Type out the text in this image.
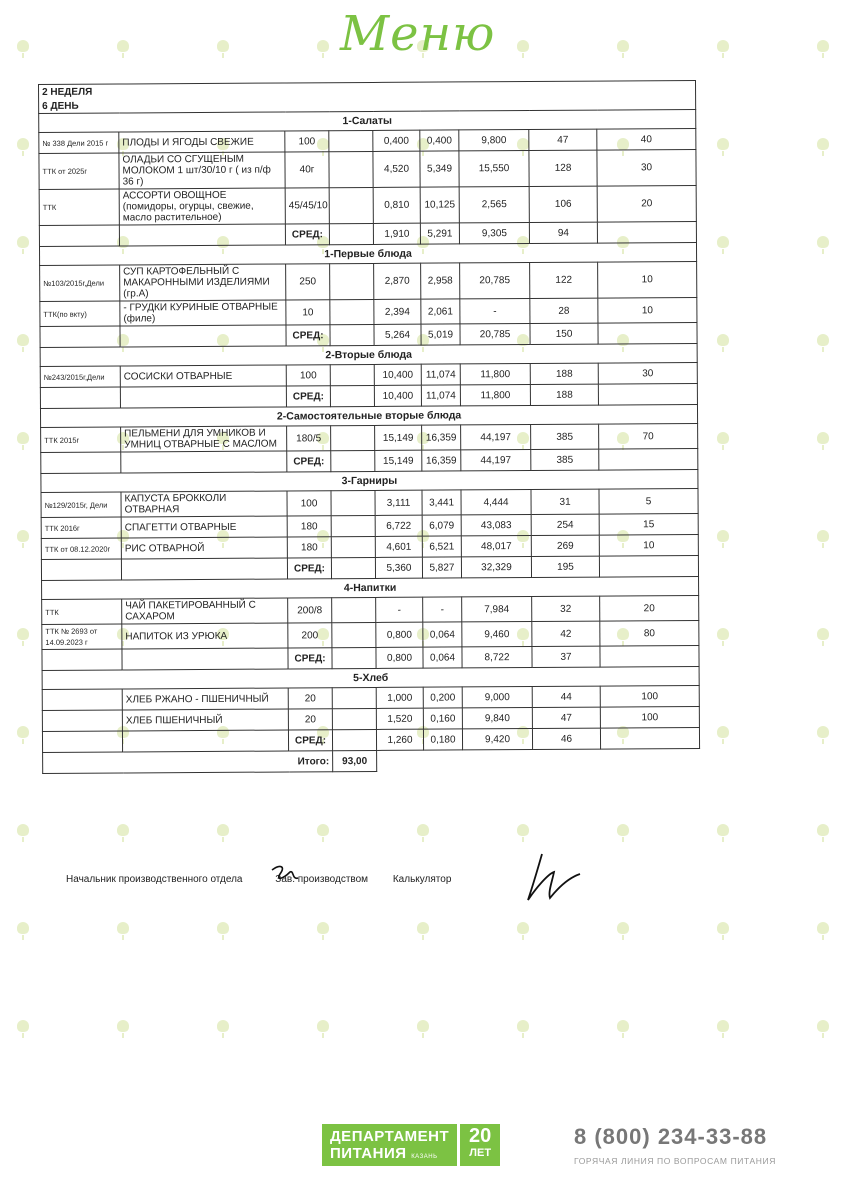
Меню
2 НЕДЕЛЯ								
6 ДЕНЬ								
1-Салаты								
№ 338 Дели 2015 г	ПЛОДЫ И ЯГОДЫ СВЕЖИЕ	100		0,400	0,400	9,800	47	40
ТТК от 2025г	ОЛАДЬИ СО СГУЩЕНЫМ МОЛОКОМ 1 шт/30/10 г ( из п/ф 36 г)	40г		4,520	5,349	15,550	128	30
ТТК	АССОРТИ ОВОЩНОЕ (помидоры, огурцы, свежие, масло растительное)	45/45/10		0,810	10,125	2,565	106	20
		СРЕД:		1,910	5,291	9,305	94	
1-Первые блюда								
№103/2015г,Дели	СУП КАРТОФЕЛЬНЫЙ С МАКАРОННЫМИ ИЗДЕЛИЯМИ (гр.А)	250		2,870	2,958	20,785	122	10
ТТК(по вкту)	- ГРУДКИ КУРИНЫЕ ОТВАРНЫЕ (филе)	10		2,394	2,061	-	28	10
		СРЕД:		5,264	5,019	20,785	150	
2-Вторые блюда								
№243/2015г,Дели	СОСИСКИ ОТВАРНЫЕ	100		10,400	11,074	11,800	188	30
		СРЕД:		10,400	11,074	11,800	188	
2-Самостоятельные вторые блюда								
ТТК 2015г	ПЕЛЬМЕНИ ДЛЯ УМНИКОВ И УМНИЦ ОТВАРНЫЕ С МАСЛОМ	180/5		15,149	16,359	44,197	385	70
		СРЕД:		15,149	16,359	44,197	385	
3-Гарниры								
№129/2015г, Дели	КАПУСТА БРОККОЛИ ОТВАРНАЯ	100		3,111	3,441	4,444	31	5
ТТК 2016г	СПАГЕТТИ ОТВАРНЫЕ	180		6,722	6,079	43,083	254	15
ТТК от 08.12.2020г	РИС ОТВАРНОЙ	180		4,601	6,521	48,017	269	10
		СРЕД:		5,360	5,827	32,329	195	
4-Напитки								
ТТК	ЧАЙ ПАКЕТИРОВАННЫЙ С САХАРОМ	200/8		-	-	7,984	32	20
ТТК № 2693 от 14.09.2023 г	НАПИТОК ИЗ УРЮКА	200		0,800	0,064	9,460	42	80
		СРЕД:		0,800	0,064	8,722	37	
5-Хлеб								
	ХЛЕБ РЖАНО - ПШЕНИЧНЫЙ	20		1,000	0,200	9,000	44	100
	ХЛЕБ ПШЕНИЧНЫЙ	20		1,520	0,160	9,840	47	100
		СРЕД:		1,260	0,180	9,420	46	
Итого:			93,00					
Начальник производственного отдела	Зав. производством Калькулятор
ДЕПАРТАМЕНТ
ПИТАНИЯ КАЗАНЬ
20
ЛЕТ
8 (800) 234-33-88
ГОРЯЧАЯ ЛИНИЯ ПО ВОПРОСАМ ПИТАНИЯ
